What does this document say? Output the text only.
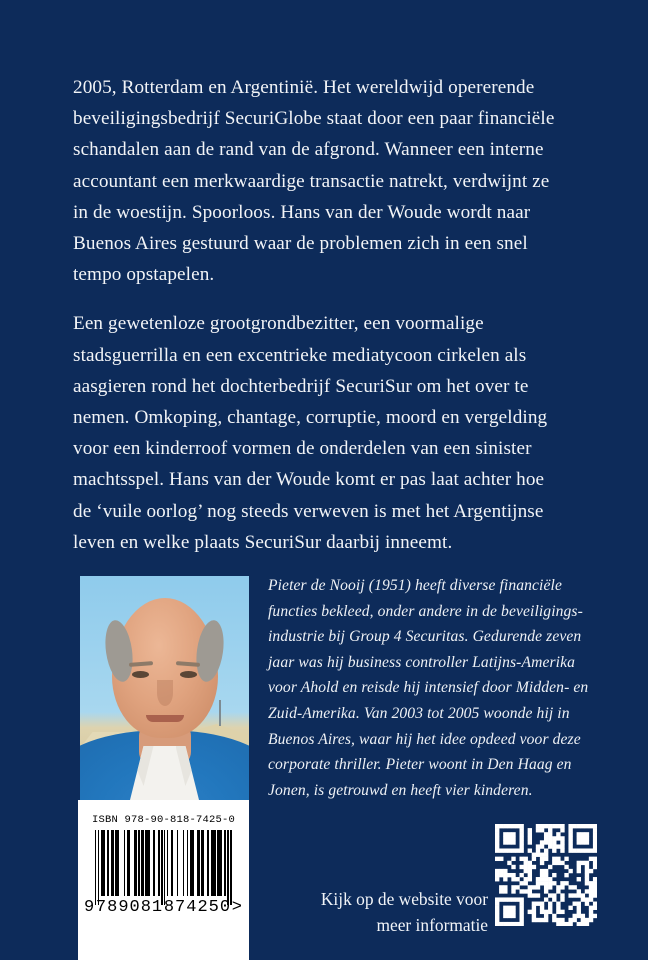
2005, Rotterdam en Argentinië. Het wereldwijd opererende beveiligingsbedrijf SecuriGlobe staat door een paar financiële schandalen aan de rand van de afgrond. Wanneer een interne accountant een merkwaardige transactie natrekt, verdwijnt ze in de woestijn. Spoorloos. Hans van der Woude wordt naar Buenos Aires gestuurd waar de problemen zich in een snel tempo opstapelen.

Een gewetenloze grootgrondbezitter, een voormalige stadsguerrilla en een excentrieke mediatycoon cirkelen als aasgieren rond het dochterbedrijf SecuriSur om het over te nemen. Omkoping, chantage, corruptie, moord en vergelding voor een kinderroof vormen de onderdelen van een sinister machtsspel. Hans van der Woude komt er pas laat achter hoe de ‘vuile oorlog’ nog steeds verweven is met het Argentijnse leven en welke plaats SecuriSur daarbij inneemt.

ISBN 978-90-818-7425-0
9 789081 874250 >

Pieter de Nooij (1951) heeft diverse financiële functies bekleed, onder andere in de beveiligings-industrie bij Group 4 Securitas. Gedurende zeven jaar was hij business controller Latijns-Amerika voor Ahold en reisde hij intensief door Midden- en Zuid-Amerika. Van 2003 tot 2005 woonde hij in Buenos Aires, waar hij het idee opdeed voor deze corporate thriller. Pieter woont in Den Haag en Jonen, is getrouwd en heeft vier kinderen.

Kijk op de website voor
meer informatie
